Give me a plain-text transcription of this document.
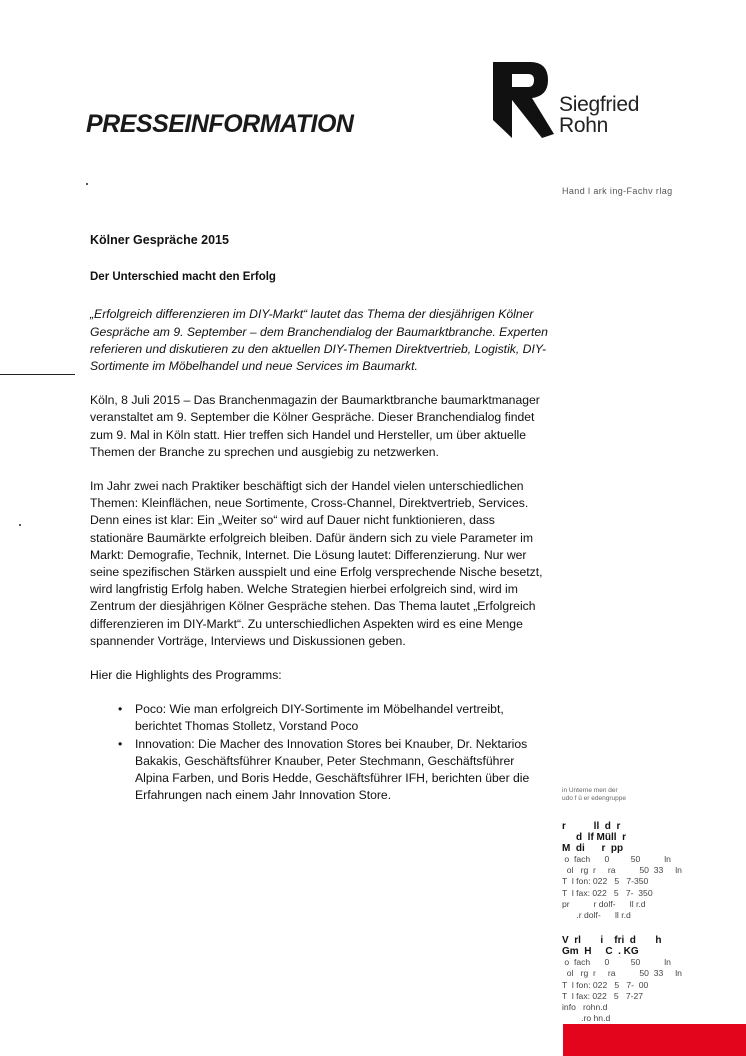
PRESSEINFORMATION
Siegfried
Rohn
Hand l ark ing-Fachv rlag

Kölner Gespräche 2015

Der Unterschied macht den Erfolg

„Erfolgreich differenzieren im DIY-Markt“ lautet das Thema der diesjährigen Kölner Gespräche am 9. September – dem Branchendialog der Baumarktbranche. Experten referieren und diskutieren zu den aktuellen DIY-Themen Direktvertrieb, Logistik, DIY-Sortimente im Möbelhandel und neue Services im Baumarkt.

Köln, 8 Juli 2015 – Das Branchenmagazin der Baumarktbranche baumarktmanager veranstaltet am 9. September die Kölner Gespräche. Dieser Branchendialog findet zum 9. Mal in Köln statt. Hier treffen sich Handel und Hersteller, um über aktuelle Themen der Branche zu sprechen und ausgiebig zu netzwerken.

Im Jahr zwei nach Praktiker beschäftigt sich der Handel vielen unterschiedlichen Themen: Kleinflächen, neue Sortimente, Cross-Channel, Direktvertrieb, Services. Denn eines ist klar: Ein „Weiter so“ wird auf Dauer nicht funktionieren, dass stationäre Baumärkte erfolgreich bleiben. Dafür ändern sich zu viele Parameter im Markt: Demografie, Technik, Internet. Die Lösung lautet: Differenzierung. Nur wer seine spezifischen Stärken ausspielt und eine Erfolg versprechende Nische besetzt, wird langfristig Erfolg haben. Welche Strategien hierbei erfolgreich sind, wird im Zentrum der diesjährigen Kölner Gespräche stehen. Das Thema lautet „Erfolgreich differenzieren im DIY-Markt“. Zu unterschiedlichen Aspekten wird es eine Menge spannender Vorträge, Interviews und Diskussionen geben.

Hier die Highlights des Programms:

• Poco: Wie man erfolgreich DIY-Sortimente im Möbelhandel vertreibt, berichtet Thomas Stolletz, Vorstand Poco
• Innovation: Die Macher des Innovation Stores bei Knauber, Dr. Nektarios Bakakis, Geschäftsführer Knauber, Peter Stechmann, Geschäftsführer Alpina Farben, und Boris Hedde, Geschäftsführer IFH, berichten über die Erfahrungen nach einem Jahr Innovation Store.	in Unterne men der
udo f ü er edengruppe
r          ll  d  r
d  lf Müll  r
M  di      r  pp
o  fach      0         50          ln
ol   rg  r     ra          50  33     ln
T  l fon: 022   5   7-350
T  l fax: 022   5   7-  350
pr          r dolf-      ll r.d
.r dolf-      ll r.d
V  rl       i    fri  d       h
Gm  H     C  . KG
o  fach      0         50          ln
ol   rg  r     ra          50  33     ln
T  l fon: 022   5   7-  00
T  l fax: 022   5   7-27
info   rohn.d
.ro hn.d
